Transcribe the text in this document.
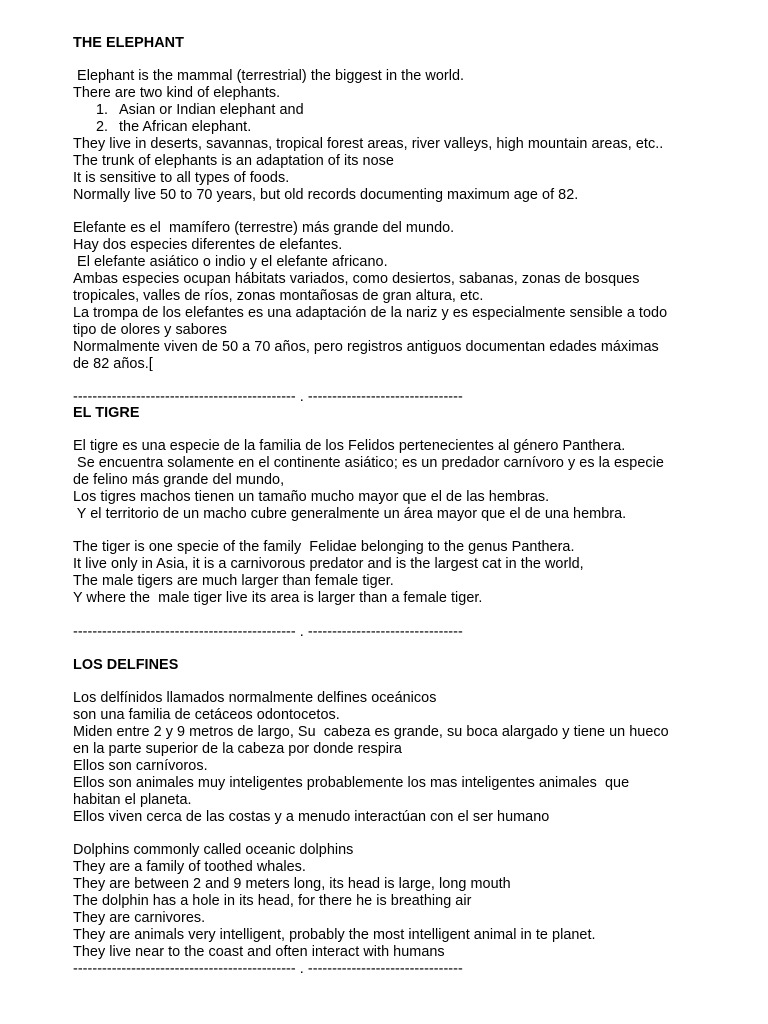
THE ELEPHANT
Elephant is the mammal (terrestrial) the biggest in the world.
There are two kind of elephants.
1. Asian or Indian elephant and
2. the African elephant.
They live in deserts, savannas, tropical forest areas, river valleys, high mountain areas, etc..
The trunk of elephants is an adaptation of its nose
It is sensitive to all types of foods.
Normally live 50 to 70 years, but old records documenting maximum age of 82.
Elefante es el  mamífero (terrestre) más grande del mundo.
Hay dos especies diferentes de elefantes.
El elefante asiático o indio y el elefante africano.
Ambas especies ocupan hábitats variados, como desiertos, sabanas, zonas de bosques
tropicales, valles de ríos, zonas montañosas de gran altura, etc.
La trompa de los elefantes es una adaptación de la nariz y es especialmente sensible a todo
tipo de olores y sabores
Normalmente viven de 50 a 70 años, pero registros antiguos documentan edades máximas
de 82 años.[
---------------------------------------------- . --------------------------------
EL TIGRE
El tigre es una especie de la familia de los Felidos pertenecientes al género Panthera.
Se encuentra solamente en el continente asiático; es un predador carnívoro y es la especie
de felino más grande del mundo,
Los tigres machos tienen un tamaño mucho mayor que el de las hembras.
Y el territorio de un macho cubre generalmente un área mayor que el de una hembra.
The tiger is one specie of the family  Felidae belonging to the genus Panthera.
It live only in Asia, it is a carnivorous predator and is the largest cat in the world,
The male tigers are much larger than female tiger.
Y where the  male tiger live its area is larger than a female tiger.
---------------------------------------------- . --------------------------------
LOS DELFINES
Los delfínidos llamados normalmente delfines oceánicos
son una familia de cetáceos odontocetos.
Miden entre 2 y 9 metros de largo, Su  cabeza es grande, su boca alargado y tiene un hueco
en la parte superior de la cabeza por donde respira
Ellos son carnívoros.
Ellos son animales muy inteligentes probablemente los mas inteligentes animales  que
habitan el planeta.
Ellos viven cerca de las costas y a menudo interactúan con el ser humano
Dolphins commonly called oceanic dolphins
They are a family of toothed whales.
They are between 2 and 9 meters long, its head is large, long mouth
The dolphin has a hole in its head, for there he is breathing air
They are carnivores.
They are animals very intelligent, probably the most intelligent animal in te planet.
They live near to the coast and often interact with humans
---------------------------------------------- . --------------------------------
